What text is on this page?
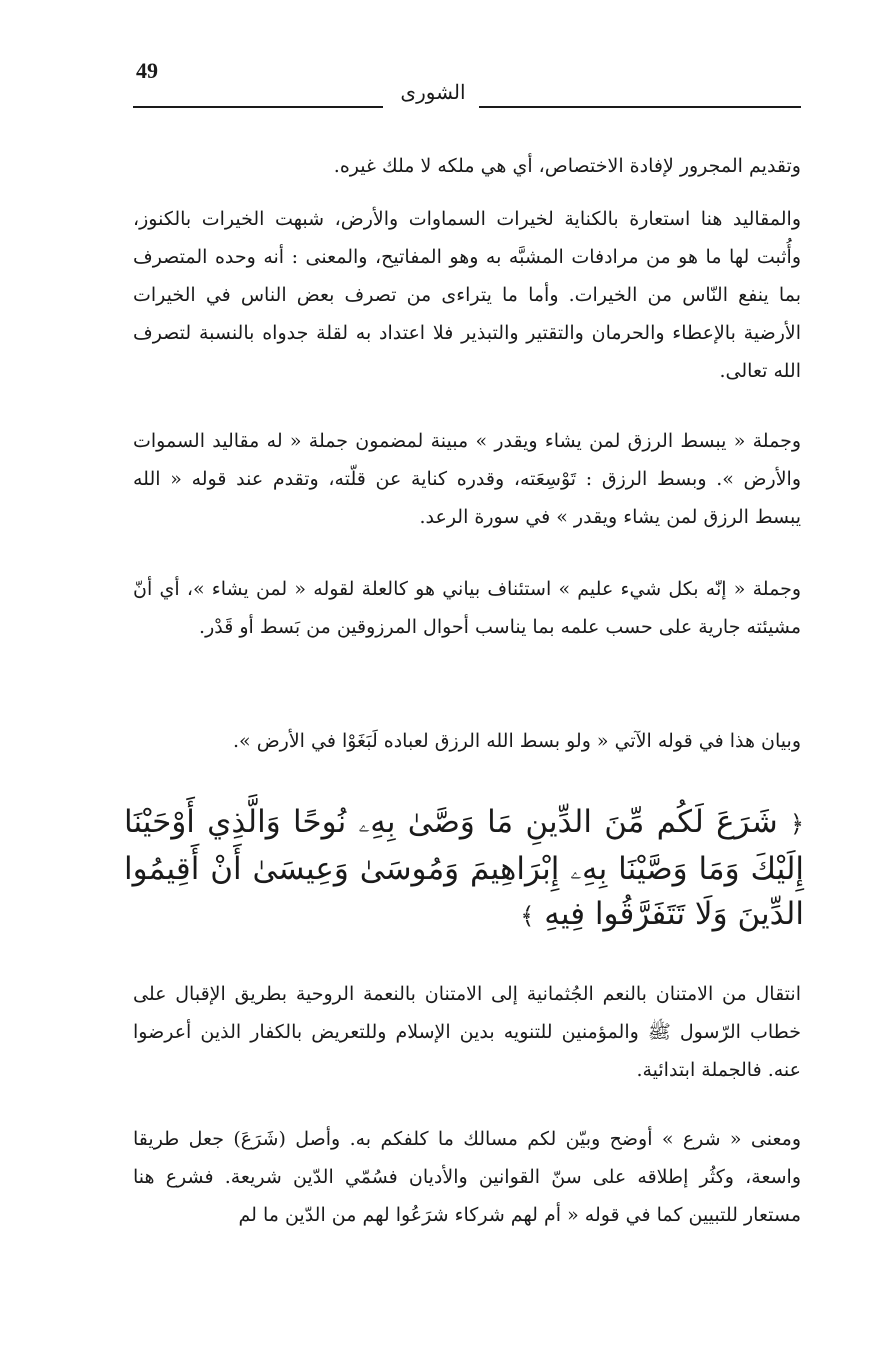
49
الشورى

وتقديم المجرور لإفادة الاختصاص، أي هي ملكه لا ملك غيره.

والمقاليد هنا استعارة بالكناية لخيرات السماوات والأرض، شبهت الخيرات بالكنوز، وأُثبت لها ما هو من مرادفات المشبَّه به وهو المفاتيح، والمعنى : أنه وحده المتصرف بما ينفع النّاس من الخيرات. وأما ما يتراءى من تصرف بعض الناس في الخيرات الأرضية بالإعطاء والحرمان والتقتير والتبذير فلا اعتداد به لقلة جدواه بالنسبة لتصرف الله تعالى.

وجملة « يبسط الرزق لمن يشاء ويقدر » مبينة لمضمون جملة « له مقاليد السموات والأرض ». وبسط الرزق : تَوْسِعَته، وقدره كناية عن قلّته، وتقدم عند قوله « الله يبسط الرزق لمن يشاء ويقدر » في سورة الرعد.

وجملة « إنّه بكل شيء عليم » استئناف بياني هو كالعلة لقوله « لمن يشاء »، أي أنّ مشيئته جارية على حسب علمه بما يناسب أحوال المرزوقين من بَسط أو قَدْر.

وبيان هذا في قوله الآتي « ولو بسط الله الرزق لعباده لَبَغَوْا في الأرض ».

﴿ شَرَعَ لَكُم مِّنَ الدِّينِ مَا وَصَّىٰ بِهِۦ نُوحًا وَالَّذِي أَوْحَيْنَا إِلَيْكَ وَمَا وَصَّيْنَا بِهِۦ إِبْرَاهِيمَ وَمُوسَىٰ وَعِيسَىٰ أَنْ أَقِيمُوا الدِّينَ وَلَا تَتَفَرَّقُوا فِيهِ ﴾

انتقال من الامتنان بالنعم الجُثمانية إلى الامتنان بالنعمة الروحية بطريق الإقبال على خطاب الرّسول ﷺ والمؤمنين للتنويه بدين الإسلام وللتعريض بالكفار الذين أعرضوا عنه. فالجملة ابتدائية.

ومعنى « شرع » أوضح وبيّن لكم مسالك ما كلفكم به. وأصل (شَرَعَ) جعل طريقا واسعة، وكثُر إطلاقه على سنّ القوانين والأديان فسُمّي الدّين شريعة. فشرع هنا مستعار للتبيين كما في قوله « أم لهم شركاء شرَعُوا لهم من الدّين ما لم
